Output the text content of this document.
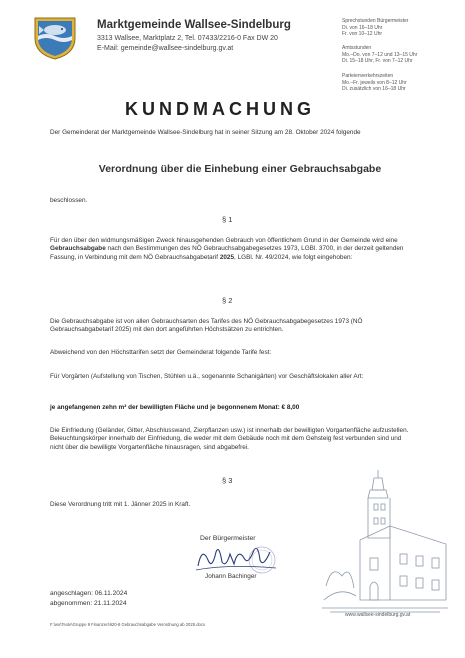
Marktgemeinde Wallsee-Sindelburg
3313 Wallsee, Marktplatz 2, Tel. 07433/2216-0 Fax DW 20
E-Mail: gemeinde@wallsee-sindelburg.gv.at
Sprechstunden Bürgermeister
Di. von 16–18 Uhr
Fr. von 10–12 Uhr
Amtsstunden
Mo.–Do. von 7–12 und 13–15 Uhr
Di. 15–18 Uhr, Fr. von 7–12 Uhr
Parteienverkehrszeiten
Mo.–Fr. jeweils von 8–12 Uhr
Di. zusätzlich von 16–18 Uhr
KUNDMACHUNG
Der Gemeinderat der Marktgemeinde Wallsee-Sindelburg hat in seiner Sitzung am 28. Oktober 2024 folgende
Verordnung über die Einhebung einer Gebrauchsabgabe
beschlossen.
§ 1
Für den über den widmungsmäßigen Zweck hinausgehenden Gebrauch von öffentlichem Grund in der Gemeinde wird eine Gebrauchsabgabe nach den Bestimmungen des NÖ Gebrauchsabgabegesetzes 1973, LGBl. 3700, in der derzeit geltenden Fassung, in Verbindung mit dem NÖ Gebrauchsabgabetarif 2025, LGBl. Nr. 49/2024, wie folgt eingehoben:
§ 2
Die Gebrauchsabgabe ist von allen Gebrauchsarten des Tarifes des NÖ Gebrauchsabgabegesetzes 1973 (NÖ Gebrauchsabgabetarif 2025) mit den dort angeführten Höchstsätzen zu entrichten.
Abweichend von den Höchsttarifen setzt der Gemeinderat folgende Tarife fest:
Für Vorgärten (Aufstellung von Tischen, Stühlen u.ä., sogenannte Schanigärten) vor Geschäftslokalen aller Art:
je angefangenen zehn m² der bewilligten Fläche und je begonnenem Monat: € 8,00
Die Einfriedung (Geländer, Gitter, Abschlusswand, Zierpflanzen usw.) ist innerhalb der bewilligten Vorgartenfläche aufzustellen. Beleuchtungskörper innerhalb der Einfriedung, die weder mit dem Gebäude noch mit dem Gehsteig fest verbunden sind und nicht über die bewilligte Vorgartenfläche hinausragen, sind abgabefrei.
§ 3
Diese Verordnung tritt mit 1. Jänner 2025 in Kraft.
Der Bürgermeister
Johann Bachinger
angeschlagen: 06.11.2024
abgenommen: 21.11.2024
www.wallsee-sindelburg.gv.at
F:\wo\Texte\Gruppe 9 Finanzen\920-8 Gebrauchsabgabe Verordnung ab 2025.docx
